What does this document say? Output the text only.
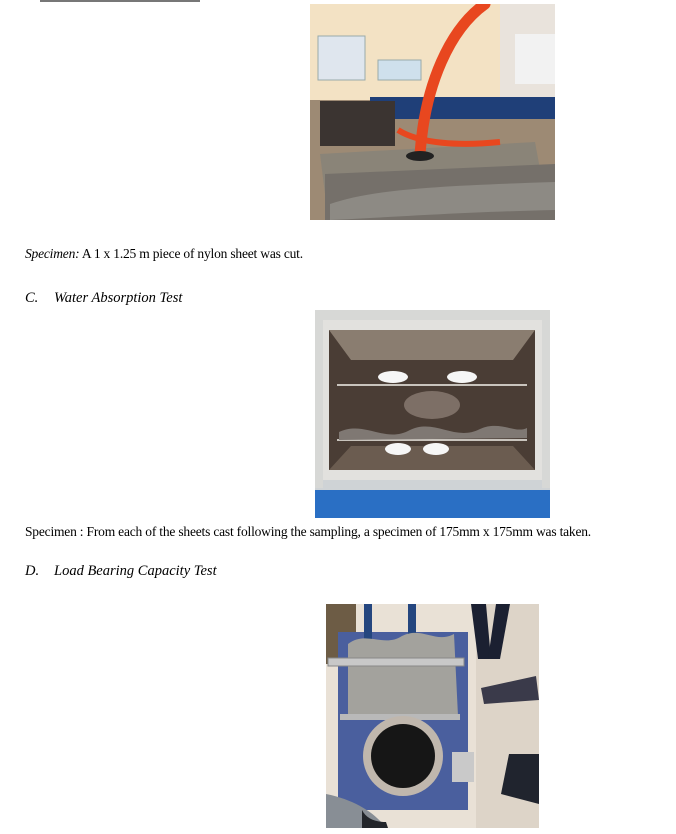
Specimen: A 1 x 1.25 m piece of nylon sheet was cut.
C. Water Absorption Test
Specimen : From each of the sheets cast following the sampling, a specimen of 175mm x 175mm was taken.
D. Load Bearing Capacity Test
